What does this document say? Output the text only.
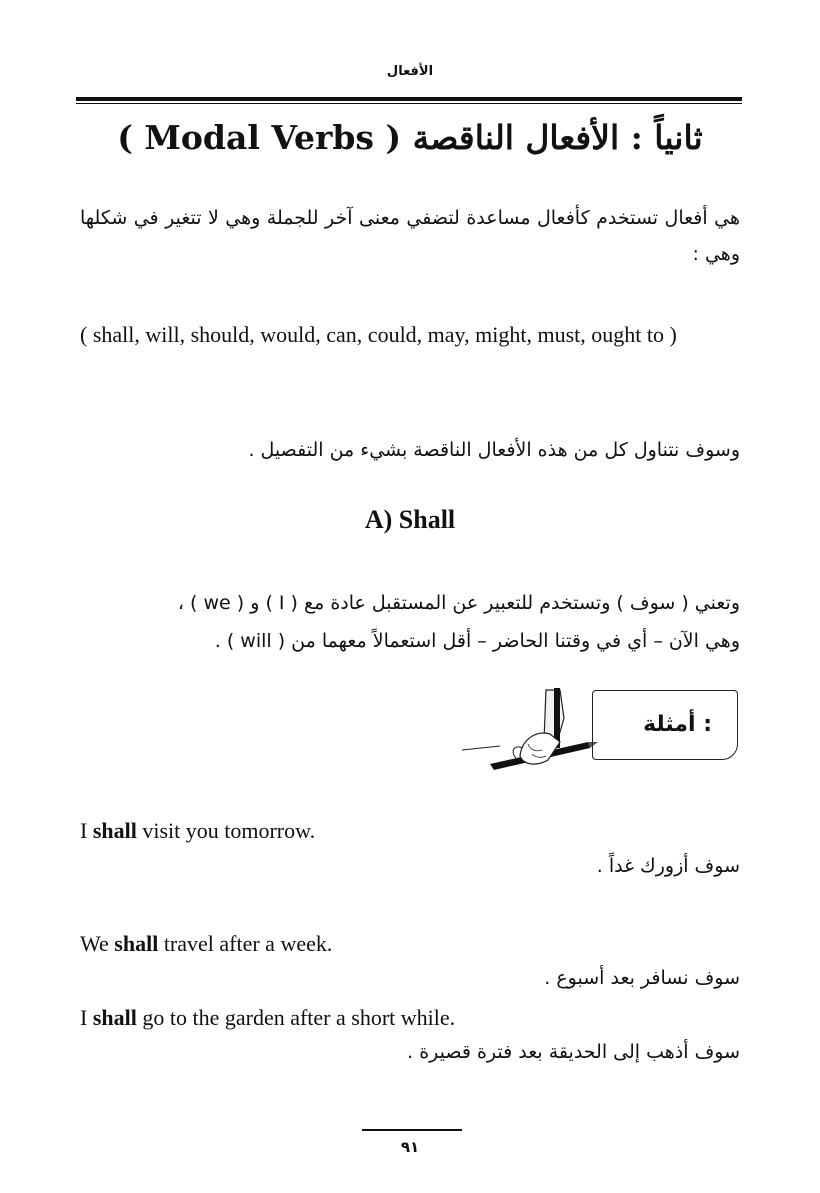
الأفعال
ثانياً : الأفعال الناقصة ( Modal Verbs )
هي أفعال تستخدم كأفعال مساعدة لتضفي معنى آخر للجملة وهي لا تتغير في شكلها وهي :
( shall, will, should, would, can, could, may, might, must, ought to )
وسوف نتناول كل من هذه الأفعال الناقصة بشيء من التفصيل .
A) Shall
وتعني ( سوف ) وتستخدم للتعبير عن المستقبل عادة مع ( I ) و ( we ) ،
وهي الآن – أي في وقتنا الحاضر – أقل استعمالاً معهما من ( will ) .
أمثلة :
I shall visit you tomorrow.
سوف أزورك غداً .
We shall travel after a week.
سوف نسافر بعد أسبوع .
I shall go to the garden after a short while.
سوف أذهب إلى الحديقة بعد فترة قصيرة .
٩١
